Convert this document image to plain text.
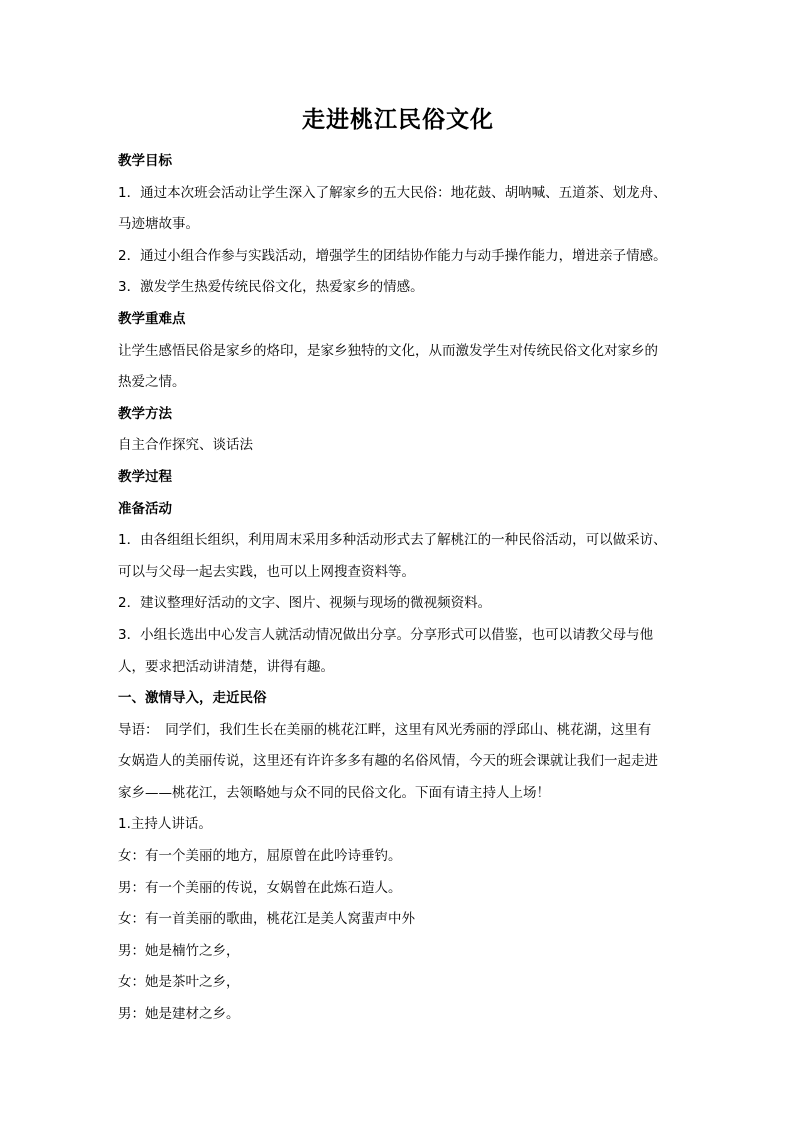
走进桃江民俗文化
教学目标
1．通过本次班会活动让学生深入了解家乡的五大民俗：地花鼓、胡呐喊、五道茶、划龙舟、
马迹塘故事。
2．通过小组合作参与实践活动，增强学生的团结协作能力与动手操作能力，增进亲子情感。
3．激发学生热爱传统民俗文化，热爱家乡的情感。
教学重难点
让学生感悟民俗是家乡的烙印，是家乡独特的文化，从而激发学生对传统民俗文化对家乡的
热爱之情。
教学方法
自主合作探究、谈话法
教学过程
准备活动
1．由各组组长组织，利用周末采用多种活动形式去了解桃江的一种民俗活动，可以做采访、
可以与父母一起去实践，也可以上网搜查资料等。
2．建议整理好活动的文字、图片、视频与现场的微视频资料。
3．小组长选出中心发言人就活动情况做出分享。分享形式可以借鉴，也可以请教父母与他
人，要求把活动讲清楚，讲得有趣。
一、激情导入，走近民俗
导语：　同学们，我们生长在美丽的桃花江畔，这里有风光秀丽的浮邱山、桃花湖，这里有
女娲造人的美丽传说，这里还有许许多多有趣的名俗风情，今天的班会课就让我们一起走进
家乡——桃花江，去领略她与众不同的民俗文化。下面有请主持人上场！
1.主持人讲话。
女：有一个美丽的地方，屈原曾在此吟诗垂钓。
男：有一个美丽的传说，女娲曾在此炼石造人。
女：有一首美丽的歌曲，桃花江是美人窝蜚声中外
男：她是楠竹之乡，
女：她是茶叶之乡，
男：她是建材之乡。
